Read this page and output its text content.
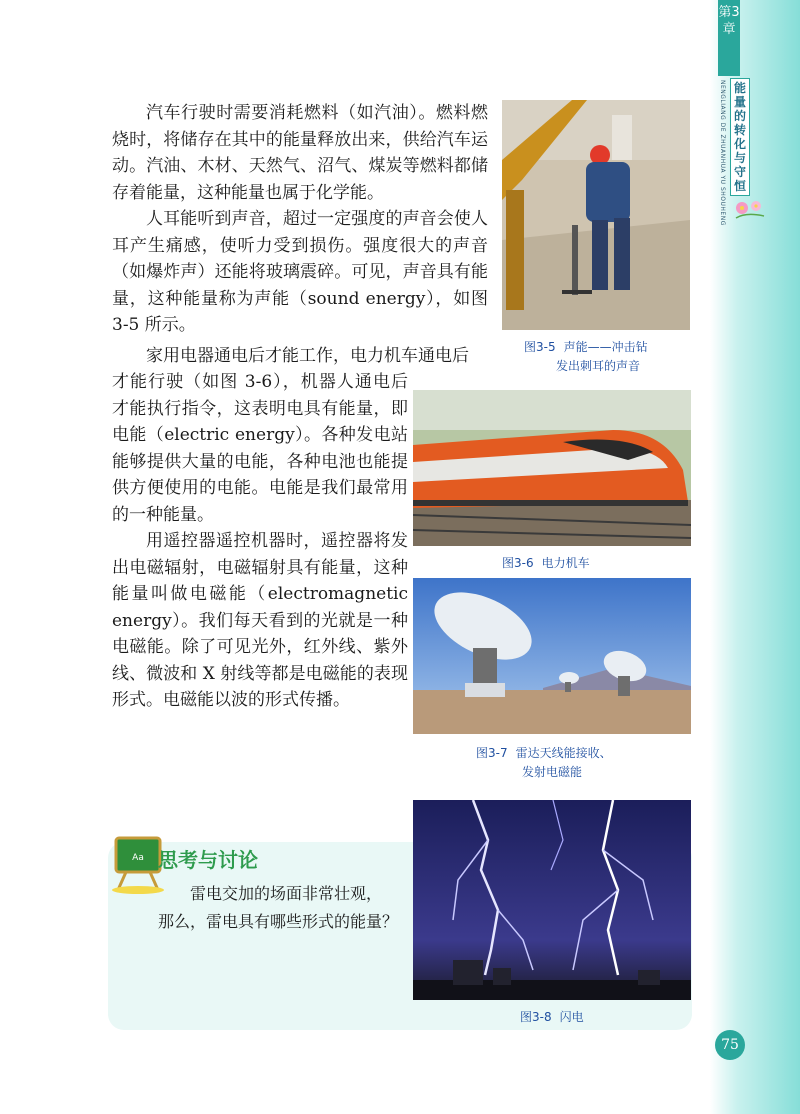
第3章
NENGLIANG DE ZHUANHUA YU SHOUHENG 能量的转化与守恒

汽车行驶时需要消耗燃料（如汽油）。燃料燃烧时，将储存在其中的能量释放出来，供给汽车运动。汽油、木材、天然气、沼气、煤炭等燃料都储存着能量，这种能量也属于化学能。

人耳能听到声音，超过一定强度的声音会使人耳产生痛感，使听力受到损伤。强度很大的声音（如爆炸声）还能将玻璃震碎。可见，声音具有能量，这种能量称为声能（sound energy），如图 3-5 所示。

家用电器通电后才能工作，电力机车通电后

才能行驶（如图 3-6），机器人通电后才能执行指令，这表明电具有能量，即电能（electric energy）。各种发电站能够提供大量的电能，各种电池也能提供方便使用的电能。电能是我们最常用的一种能量。

用遥控器遥控机器时，遥控器将发出电磁辐射，电磁辐射具有能量，这种能量叫做电磁能（electromagnetic energy）。我们每天看到的光就是一种电磁能。除了可见光外，红外线、紫外线、微波和 X 射线等都是电磁能的表现形式。电磁能以波的形式传播。

图3-5 声能——冲击钻
发出刺耳的声音
图3-6 电力机车
图3-7 雷达天线能接收、
发射电磁能
Aa 思考与讨论

雷电交加的场面非常壮观，
那么，雷电具有哪些形式的能量？

图3-8 闪电
75
